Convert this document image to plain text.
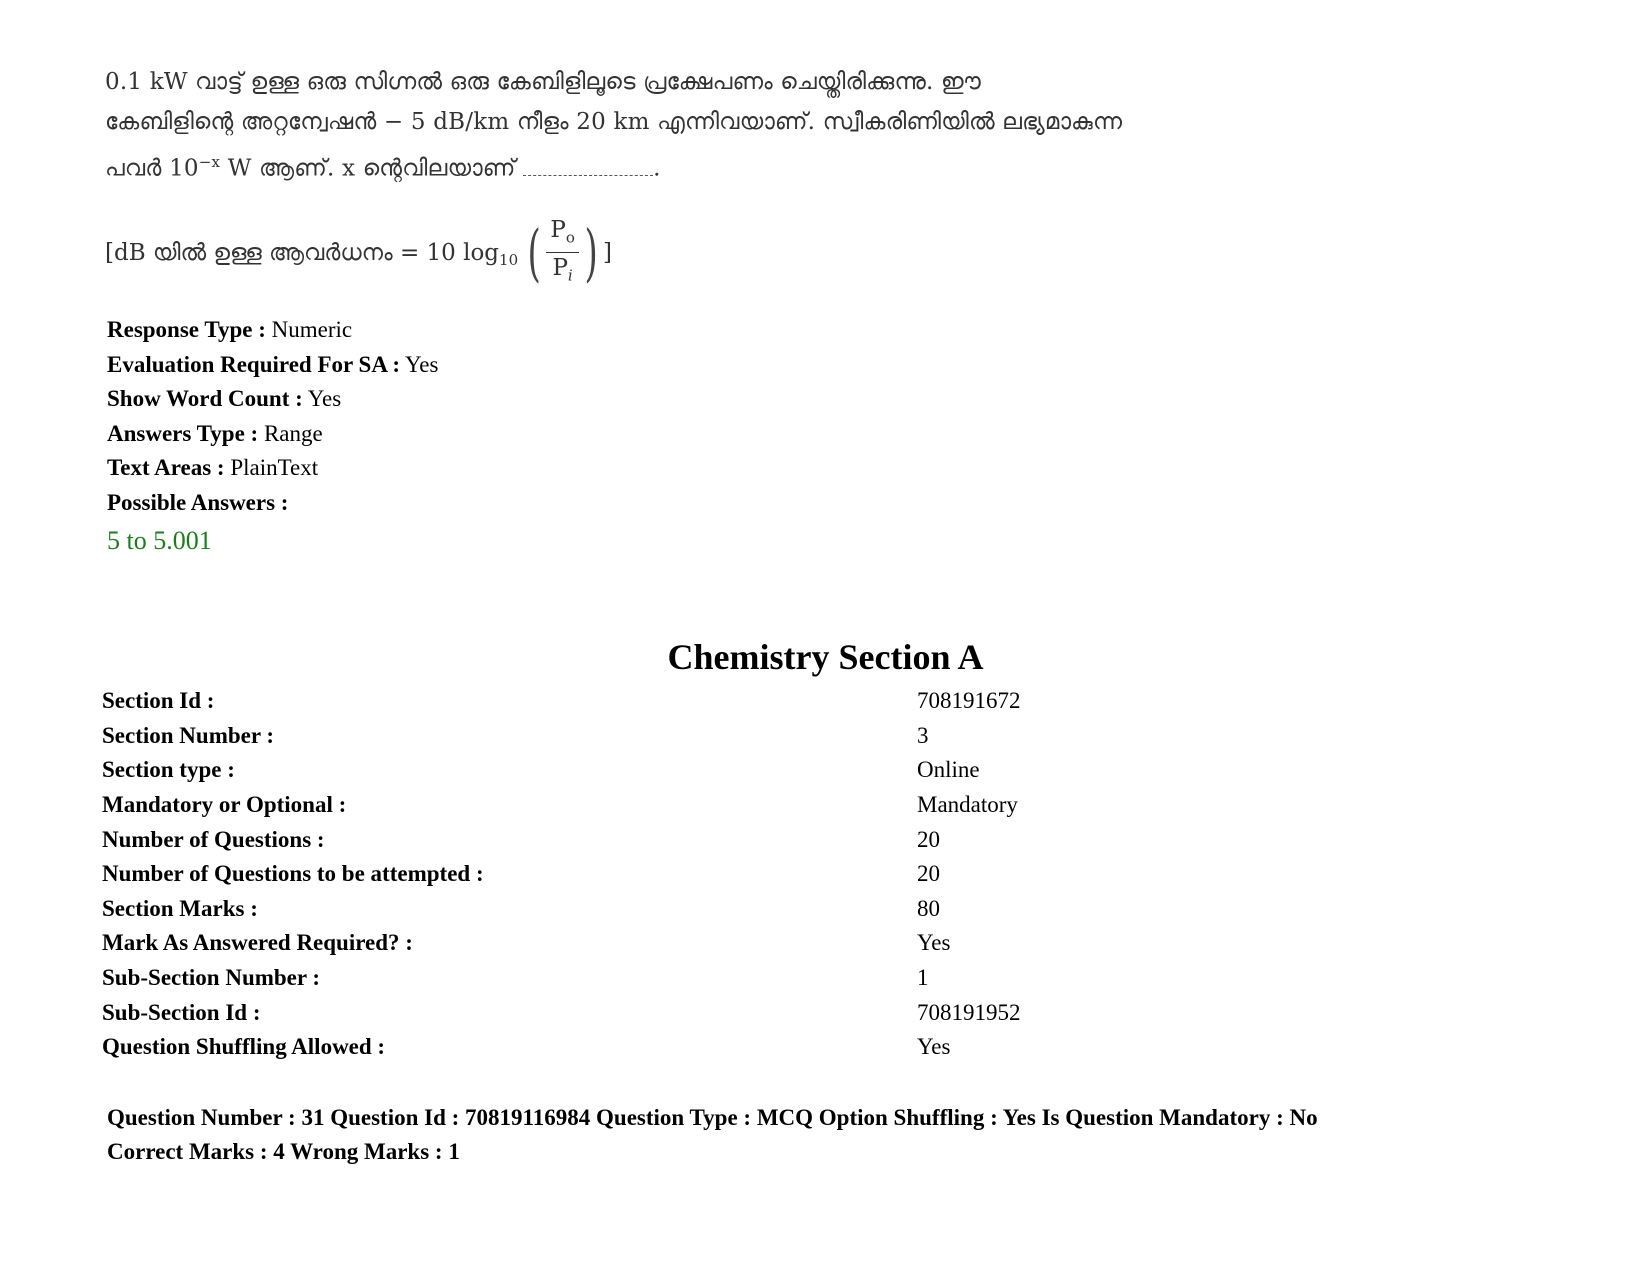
0.1 kW വാട്ട് ഉള്ള ഒരു സിഗ്നൽ ഒരു കേബിളിലൂടെ പ്രക്ഷേപണം ചെയ്തിരിക്കുന്നു. ഈ
കേബിളിന്റെ അറ്റന്വേഷൻ − 5 dB/km നീളം 20 km എന്നിവയാണ്. സ്വീകരിണിയിൽ ലഭ്യമാകുന്ന
പവർ $10^{-x}$ W ആണ്. x ന്റെവിലയാണ്	.
[dB യിൽ ഉള്ള ആവർധനം = 10 $\log_{10}$ ( $\frac{P_o}{P_i}$ ) ]
Response Type : Numeric
Evaluation Required For SA : Yes
Show Word Count : Yes
Answers Type : Range
Text Areas : PlainText
Possible Answers :
5 to 5.001
Chemistry Section A
Section Id :	708191672
Section Number :	3
Section type :	Online
Mandatory or Optional :	Mandatory
Number of Questions :	20
Number of Questions to be attempted :	20
Section Marks :	80
Mark As Answered Required? :	Yes
Sub-Section Number :	1
Sub-Section Id :	708191952
Question Shuffling Allowed :	Yes
Question Number : 31 Question Id : 70819116984 Question Type : MCQ Option Shuffling : Yes Is Question Mandatory : No
Correct Marks : 4 Wrong Marks : 1
